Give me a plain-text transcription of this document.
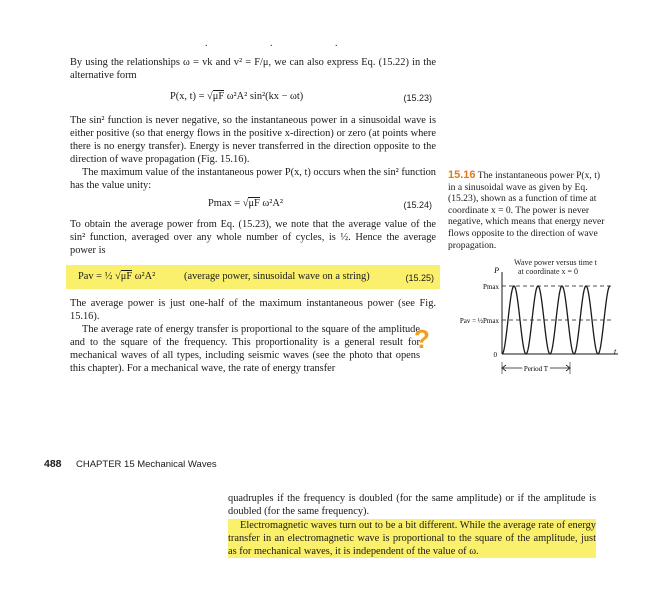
. . .

By using the relationships ω = vk and v² = F/μ, we can also express Eq. (15.22) in the alternative form

P(x, t) = √μF ω²A² sin²(kx − ωt)	(15.23)

The sin² function is never negative, so the instantaneous power in a sinusoidal wave is either positive (so that energy flows in the positive x-direction) or zero (at points where there is no energy transfer). Energy is never transferred in the direction opposite to the direction of wave propagation (Fig. 15.16).

The maximum value of the instantaneous power P(x, t) occurs when the sin² function has the value unity:

Pmax = √μF ω²A²	(15.24)

To obtain the average power from Eq. (15.23), we note that the average value of the sin² function, averaged over any whole number of cycles, is ½. Hence the average power is

Pav = ½ √μF ω²A²	(average power, sinusoidal wave on a string)	(15.25)

The average power is just one-half of the maximum instantaneous power (see Fig. 15.16).

The average rate of energy transfer is proportional to the square of the amplitude and to the square of the frequency. This proportionality is a general result for mechanical waves of all types, including seismic waves (see the photo that opens this chapter). For a mechanical wave, the rate of energy transfer

?
15.16 The instantaneous power P(x, t) in a sinusoidal wave as given by Eq. (15.23), shown as a function of time at coordinate x = 0. The power is never negative, which means that energy never flows opposite to the direction of wave propagation.
Wave power versus time t
at coordinate x = 0
P
t
Pmax
Pav = ½Pmax
0
Period T
488 CHAPTER 15 Mechanical Waves

quadruples if the frequency is doubled (for the same amplitude) or if the amplitude is doubled (for the same frequency).

Electromagnetic waves turn out to be a bit different. While the average rate of energy transfer in an electromagnetic wave is proportional to the square of the amplitude, just as for mechanical waves, it is independent of the value of ω.
